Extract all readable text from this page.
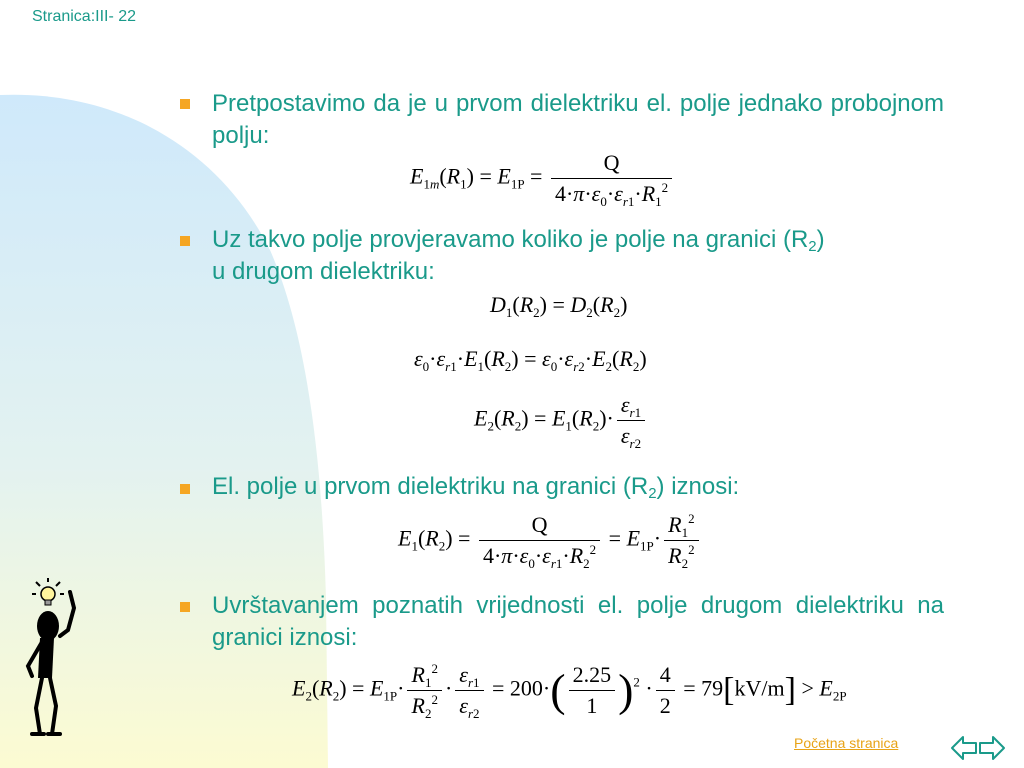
Stranica:III- 22
Pretpostavimo da je u prvom dielektriku el. polje jednako probojnom polju:
$E_{1m}(R_1) = E_{1P} = \frac{Q}{4\cdot\pi\cdot\varepsilon_0\cdot\varepsilon_{r1}\cdot R_1^2}$
Uz takvo polje provjeravamo koliko je polje na granici $(R_2)$
u drugom dielektriku:
$D_1(R_2) = D_2(R_2)$
$\varepsilon_0\cdot\varepsilon_{r1}\cdot E_1(R_2) = \varepsilon_0\cdot\varepsilon_{r2}\cdot E_2(R_2)$
$E_2(R_2) = E_1(R_2)\cdot \frac{\varepsilon_{r1}}{\varepsilon_{r2}}$
El. polje u prvom dielektriku na granici $(R_2)$ iznosi:
$E_1(R_2) = \frac{Q}{4\cdot\pi\cdot\varepsilon_0\cdot\varepsilon_{r1}\cdot R_2^2} = E_{1P}\cdot \frac{R_1^2}{R_2^2}$
Uvrštavanjem poznatih vrijednosti el. polje drugom dielektriku na granici iznosi:
$E_2(R_2) = E_{1P}\cdot \frac{R_1^2}{R_2^2} \cdot \frac{\varepsilon_{r1}}{\varepsilon_{r2}} = 200\cdot( \frac{2.25}{1} )^2 \cdot \frac{4}{2} = 79[kV/m] > E_{2P}$
Početna stranica
